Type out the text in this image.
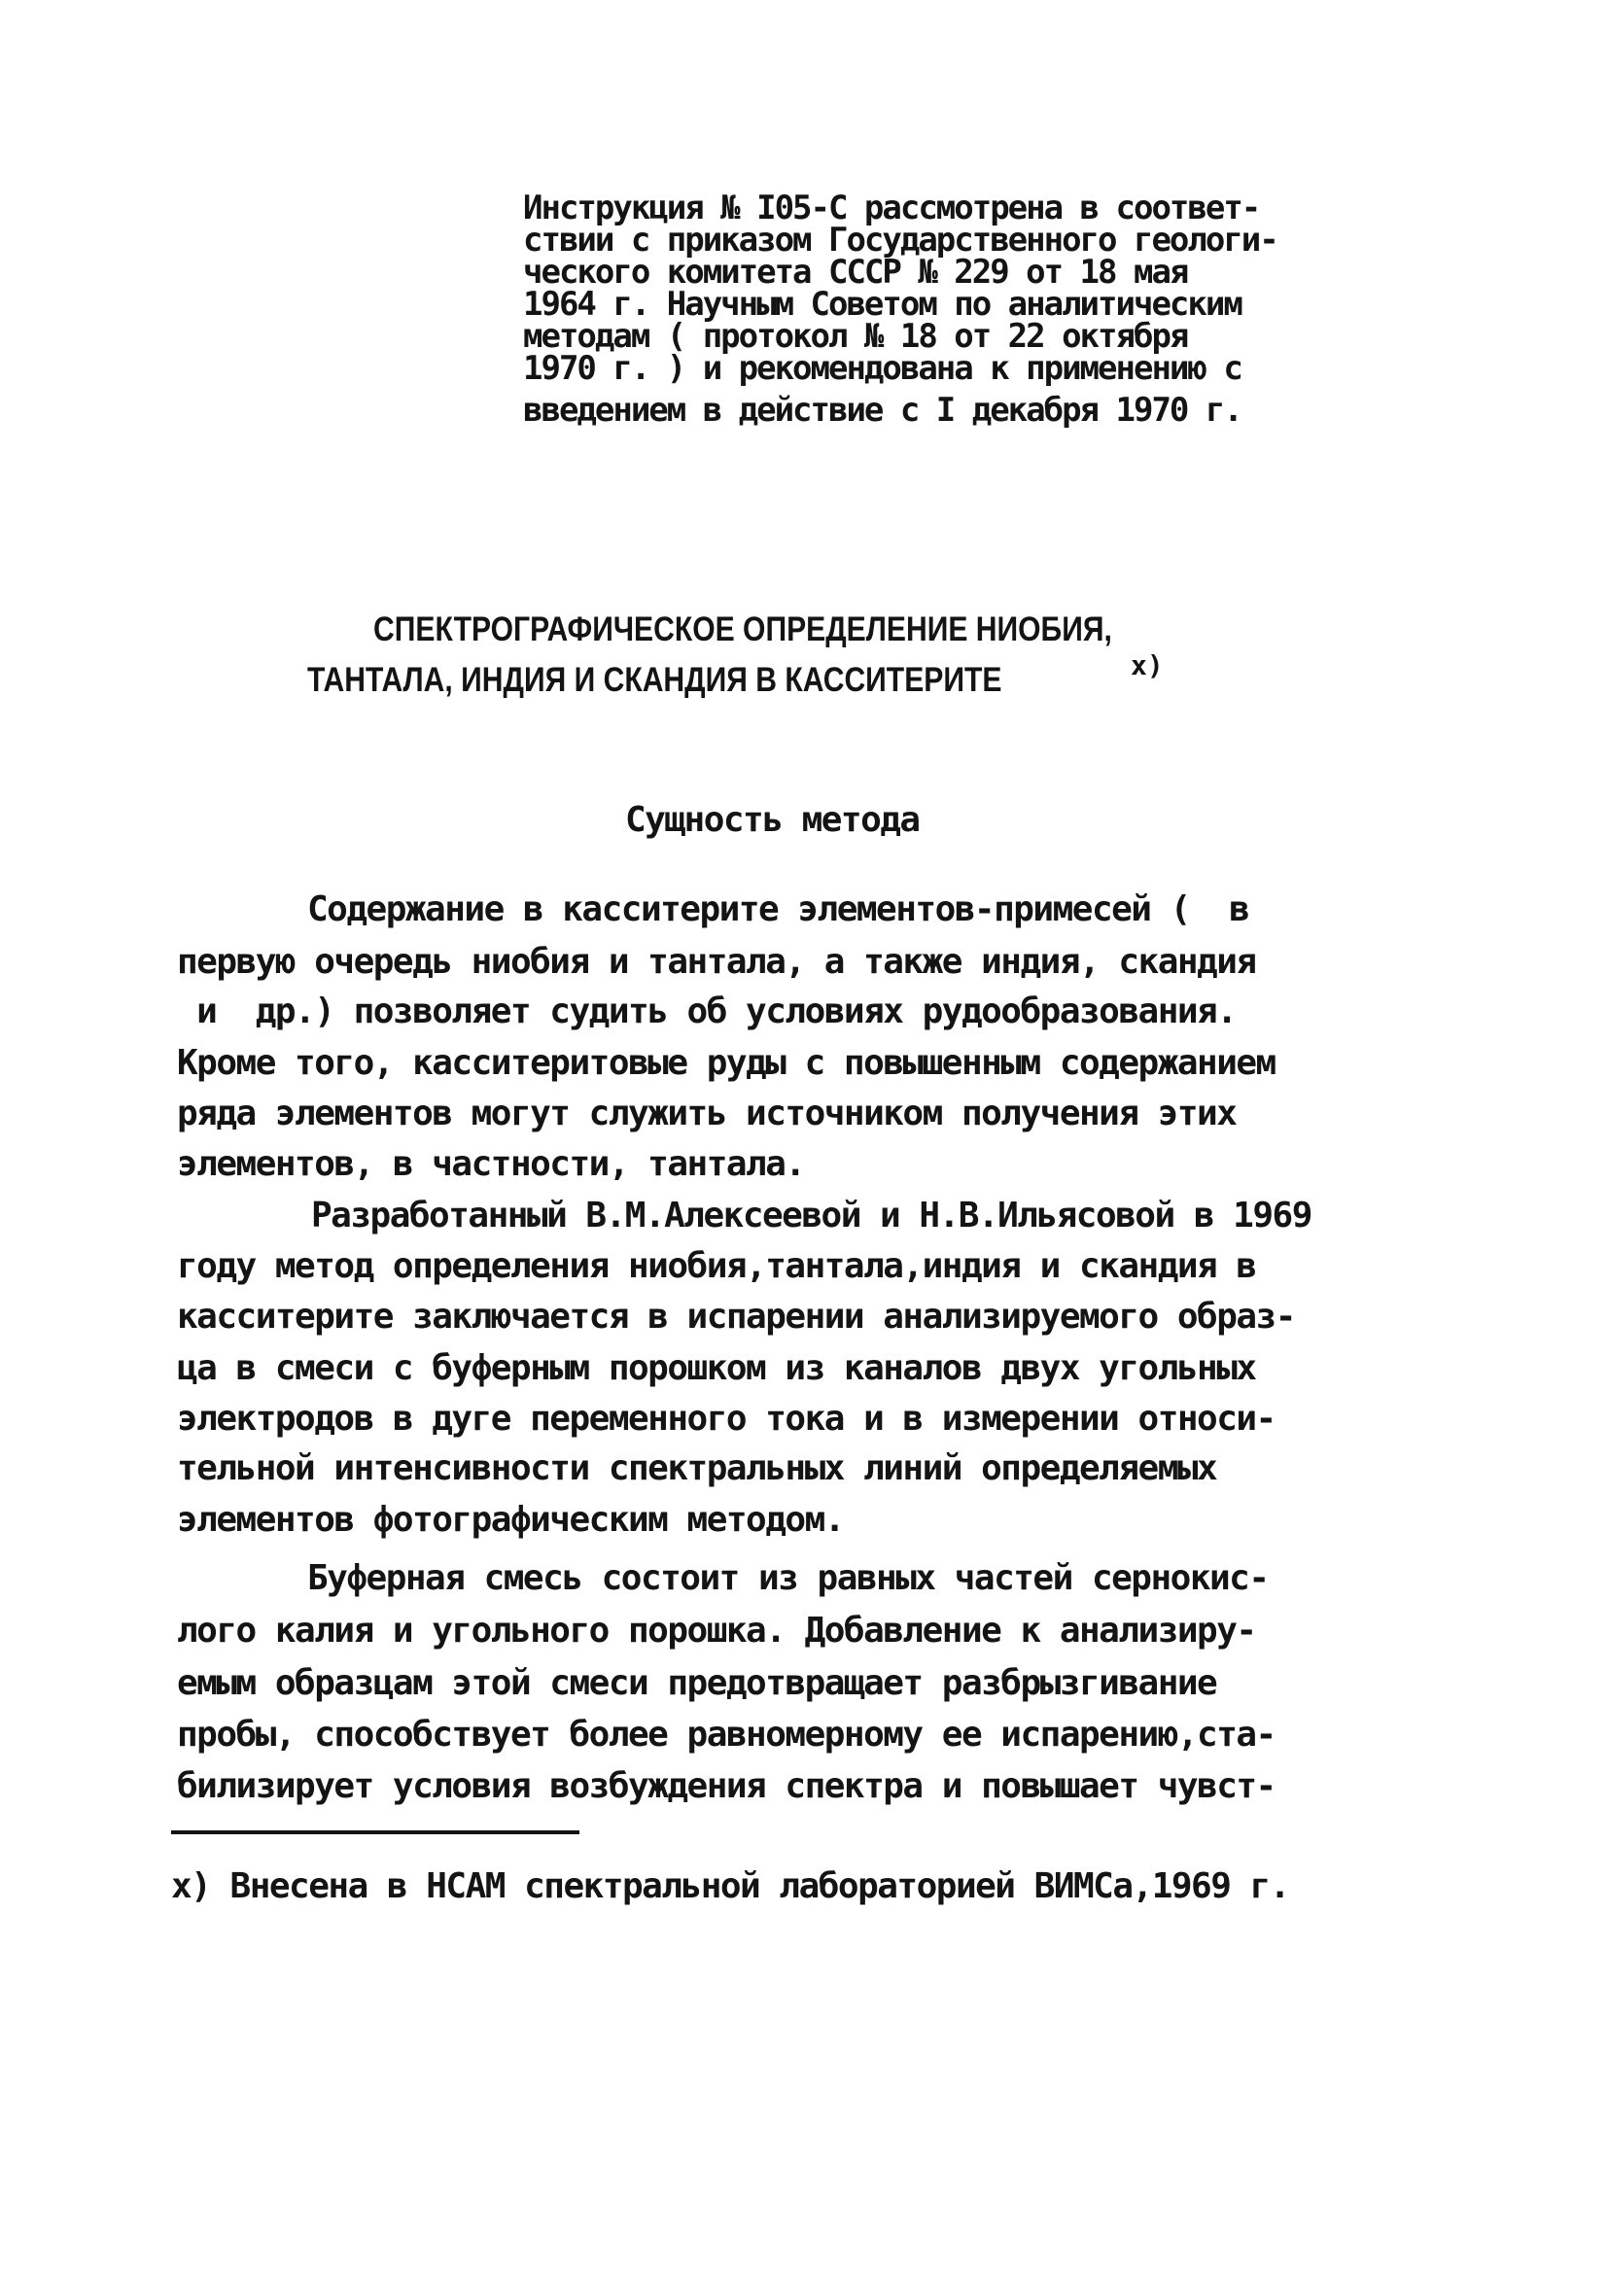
Инструкция № I05-С рассмотрена в соответ-
ствии с приказом Государственного геологи-
ческого комитета СССР № 229 от 18 мая
1964 г. Научным Советом по аналитическим
методам ( протокол № 18 от 22 октября
1970 г. ) и рекомендована к применению с
введением в действие с I декабря 1970 г.
СПЕКТРОГРАФИЧЕСКОЕ ОПРЕДЕЛЕНИЕ НИОБИЯ,
ТАНТАЛА, ИНДИЯ И СКАНДИЯ В КАССИТЕРИТЕ	х)
Сущность метода
Содержание в касситерите элементов-примесей (  в
первую очередь ниобия и тантала, а также индия, скандия
и  др.) позволяет судить об условиях рудообразования.
Кроме того, касситеритовые руды с повышенным содержанием
ряда элементов могут служить источником получения этих
элементов, в частности, тантала.
Разработанный В.М.Алексеевой и Н.В.Ильясовой в 1969
году метод определения ниобия,тантала,индия и скандия в
касситерите заключается в испарении анализируемого образ-
ца в смеси с буферным порошком из каналов двух угольных
электродов в дуге переменного тока и в измерении относи-
тельной интенсивности спектральных линий определяемых
элементов фотографическим методом.
Буферная смесь состоит из равных частей сернокис-
лого калия и угольного порошка. Добавление к анализиру-
емым образцам этой смеси предотвращает разбрызгивание
пробы, способствует более равномерному ее испарению,ста-
билизирует условия возбуждения спектра и повышает чувст-
х) Внесена в НСАМ спектральной лабораторией ВИМСа,1969 г.
